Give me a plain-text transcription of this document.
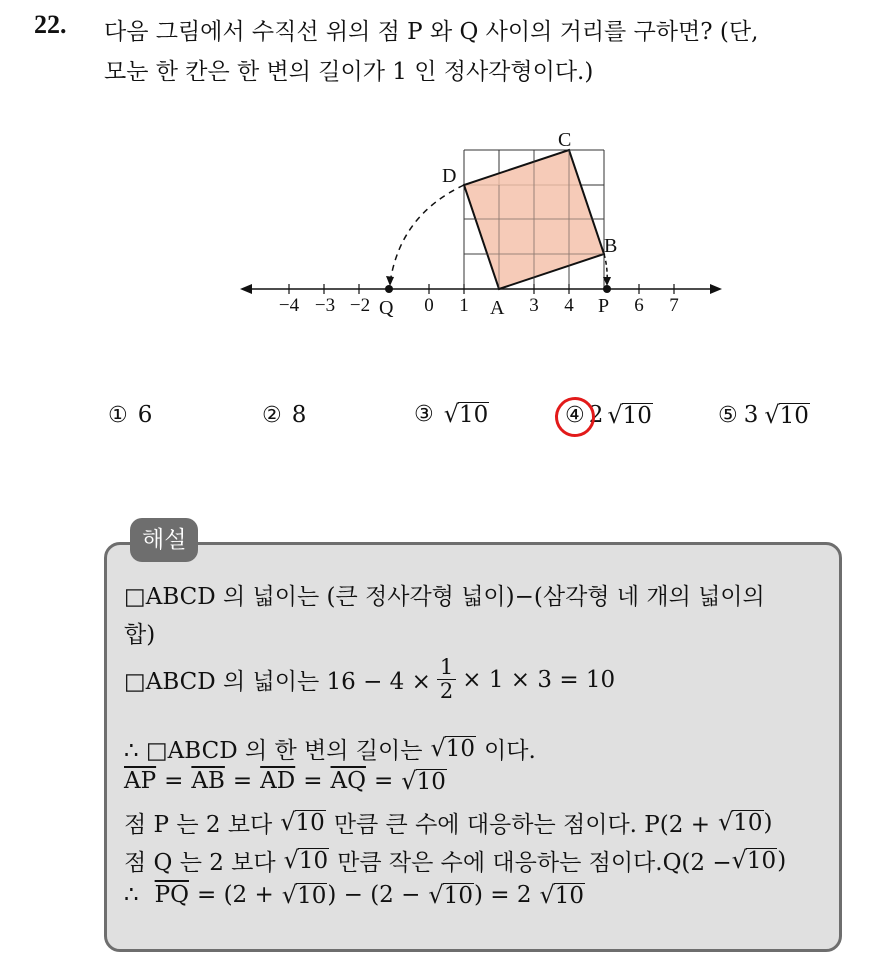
22. 다음 그림에서 수직선 위의 점 P 와 Q 사이의 거리를 구하면? (단,
모눈 한 칸은 한 변의 길이가 1 인 정사각형이다.)
C
D
B
A	P
Q
−4 −3 −2	0 1	3 4	6 7
① 6	② 8	③ √ 10	④ 2 √ 10	⑤ 3 √ 10
해설
□ABCD 의 넓이는 (큰 정사각형 넓이)−(삼각형 네 개의 넓이의
합)
□ABCD 의 넓이는 $16 - 4 \times \frac{1}{2} \times 1 \times 3 = 10$
∴ □ABCD 의 한 변의 길이는 √ 10 이다.
$\overline{AP} = \overline{AB} = \overline{AD} = \overline{AQ}$ = √ 10
점 P 는 2 보다 √ 10 만큼 큰 수에 대응하는 점이다. P(2 + √ 10 )
점 Q 는 2 보다 √ 10 만큼 작은 수에 대응하는 점이다.Q(2 − √ 10 )
∴ $\overline{PQ} = (2$ + √ 10 ) − (2 − √ 10 ) = 2 √ 10
